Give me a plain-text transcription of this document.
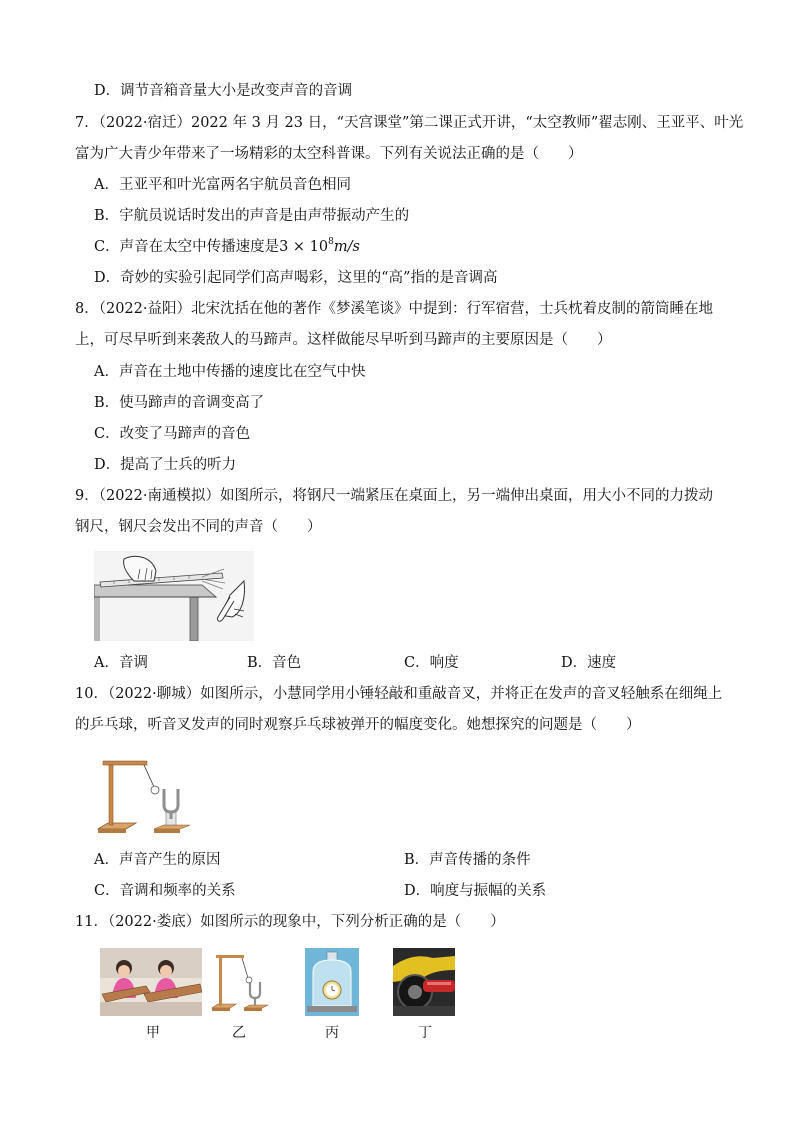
D．调节音箱音量大小是改变声音的音调
7．（2022·宿迁）2022 年 3 月 23 日，“天宫课堂”第二课正式开讲，“太空教师”翟志刚、王亚平、叶光
富为广大青少年带来了一场精彩的太空科普课。下列有关说法正确的是（　　）
A．王亚平和叶光富两名宇航员音色相同
B．宇航员说话时发出的声音是由声带振动产生的
C．声音在太空中传播速度是$3 \times 10^8m/s$
D．奇妙的实验引起同学们高声喝彩，这里的“高”指的是音调高
8．（2022·益阳）北宋沈括在他的著作《梦溪笔谈》中提到：行军宿营，士兵枕着皮制的箭筒睡在地
上，可尽早听到来袭敌人的马蹄声。这样做能尽早听到马蹄声的主要原因是（　　）
A．声音在土地中传播的速度比在空气中快
B．使马蹄声的音调变高了
C．改变了马蹄声的音色
D．提高了士兵的听力
9．（2022·南通模拟）如图所示，将钢尺一端紧压在桌面上，另一端伸出桌面，用大小不同的力拨动
钢尺，钢尺会发出不同的声音（　　）
A．音调	B．音色	C．响度	D．速度
10．（2022·聊城）如图所示，小慧同学用小锤轻敲和重敲音叉，并将正在发声的音叉轻触系在细绳上
的乒乓球，听音叉发声的同时观察乒乓球被弹开的幅度变化。她想探究的问题是（　　）
A．声音产生的原因	B．声音传播的条件
C．音调和频率的关系	D．响度与振幅的关系
11．（2022·娄底）如图所示的现象中，下列分析正确的是（　　）
甲	乙	丙	丁
